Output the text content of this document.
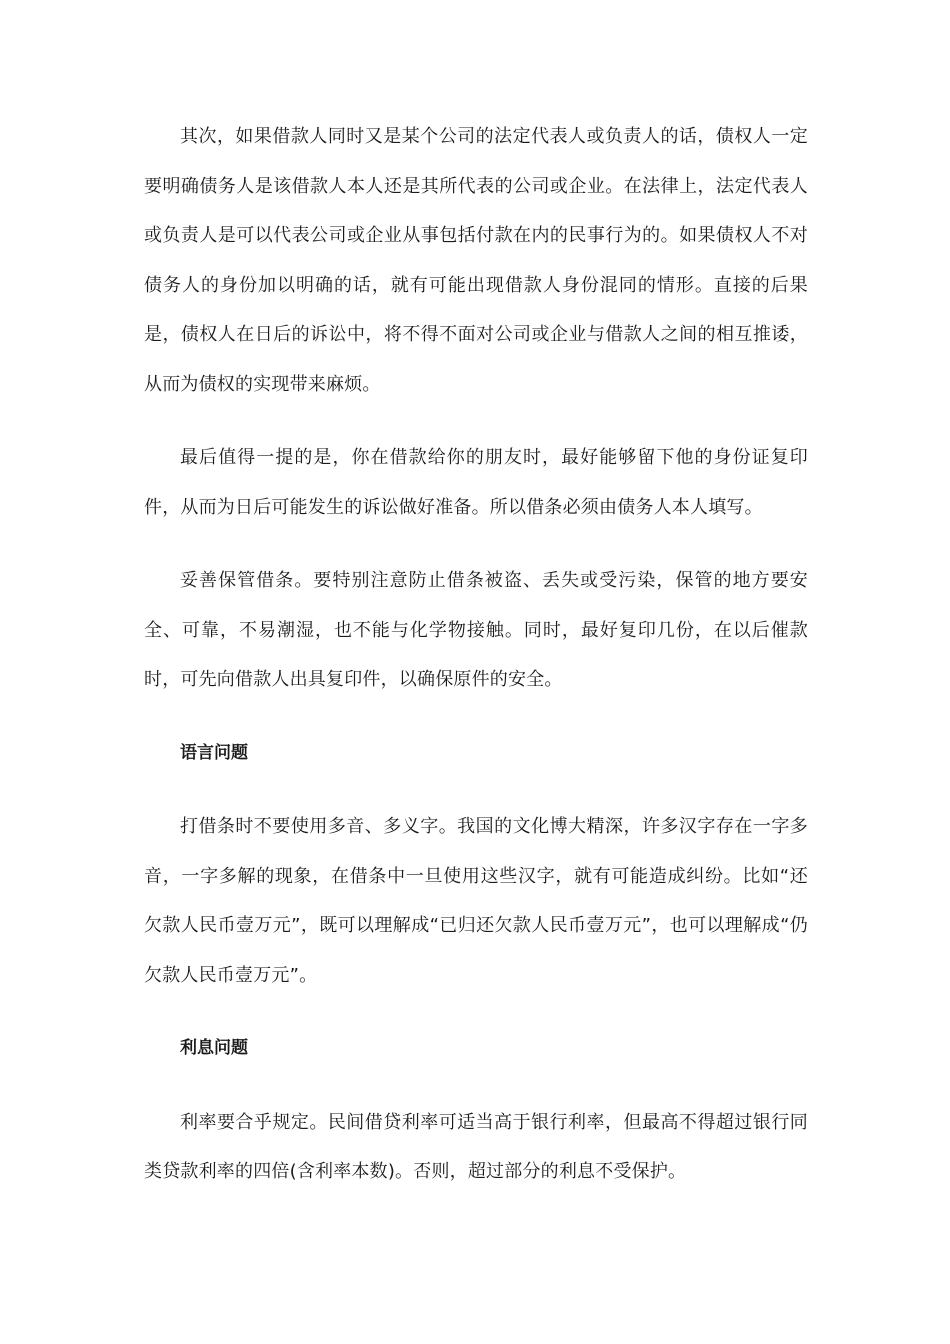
其次，如果借款人同时又是某个公司的法定代表人或负责人的话，债权人一定要明确债务人是该借款人本人还是其所代表的公司或企业。在法律上，法定代表人或负责人是可以代表公司或企业从事包括付款在内的民事行为的。如果债权人不对债务人的身份加以明确的话，就有可能出现借款人身份混同的情形。直接的后果是，债权人在日后的诉讼中，将不得不面对公司或企业与借款人之间的相互推诿，从而为债权的实现带来麻烦。

最后值得一提的是，你在借款给你的朋友时，最好能够留下他的身份证复印件，从而为日后可能发生的诉讼做好准备。所以借条必须由债务人本人填写。

妥善保管借条。要特别注意防止借条被盗、丢失或受污染，保管的地方要安全、可靠，不易潮湿，也不能与化学物接触。同时，最好复印几份，在以后催款时，可先向借款人出具复印件，以确保原件的安全。

语言问题

打借条时不要使用多音、多义字。我国的文化博大精深，许多汉字存在一字多音，一字多解的现象，在借条中一旦使用这些汉字，就有可能造成纠纷。比如“还欠款人民币壹万元”，既可以理解成“已归还欠款人民币壹万元”，也可以理解成“仍欠款人民币壹万元”。

利息问题

利率要合乎规定。民间借贷利率可适当高于银行利率，但最高不得超过银行同类贷款利率的四倍(含利率本数)。否则，超过部分的利息不受保护。
